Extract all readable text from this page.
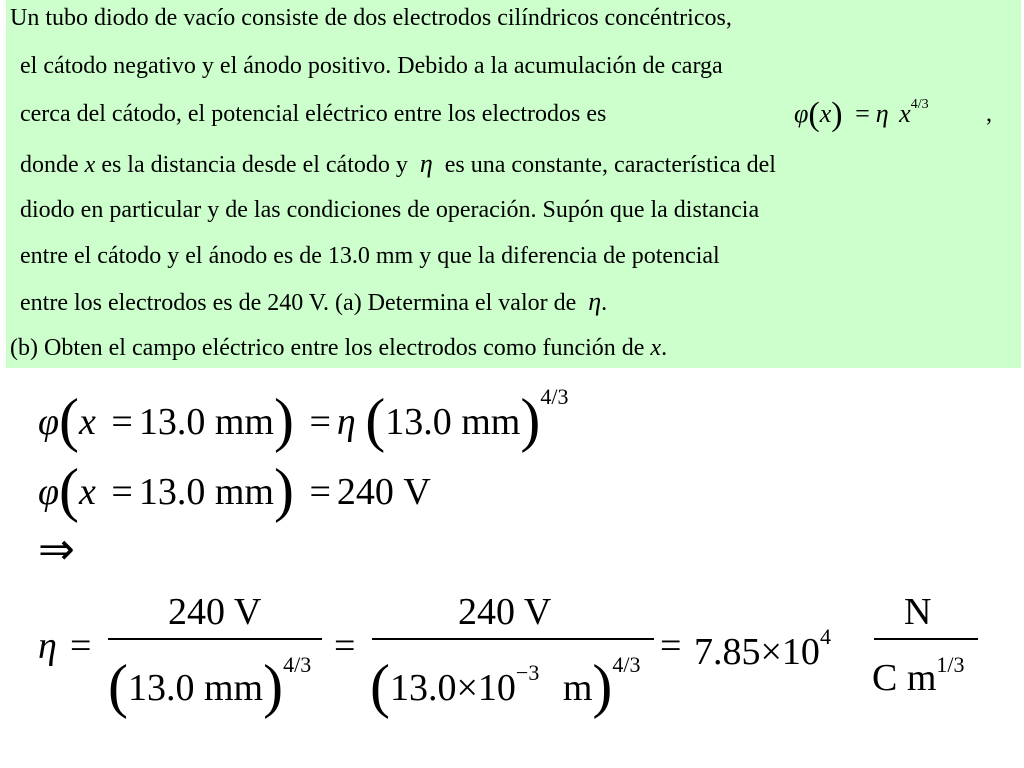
Un tubo diodo de vacío consiste de dos electrodos cilíndricos concéntricos,
el cátodo negativo y el ánodo positivo. Debido a la acumulación de carga
cerca del cátodo, el potencial eléctrico entre los electrodos es	φ(x) = η $x^{4/3}$ ,
donde x es la distancia desde el cátodo y η es una constante, característica del
diodo en particular y de las condiciones de operación. Supón que la distancia
entre el cátodo y el ánodo es de 13.0 mm y que la diferencia de potencial
entre los electrodos es de 240 V. (a) Determina el valor de η.
(b) Obten el campo eléctrico entre los electrodos como función de x.
φ(x = 13.0 mm) = η (13.0 mm)$^{4/3}$
φ(x = 13.0 mm) = 240 V
⇒
η =
240 V
(13.0 mm)$^{4/3}$ =
240 V
($13.0\times 10^{-3}$ $m)^{4/3} = 7.85\times 10^4$
N
C $m^{1/3}$
